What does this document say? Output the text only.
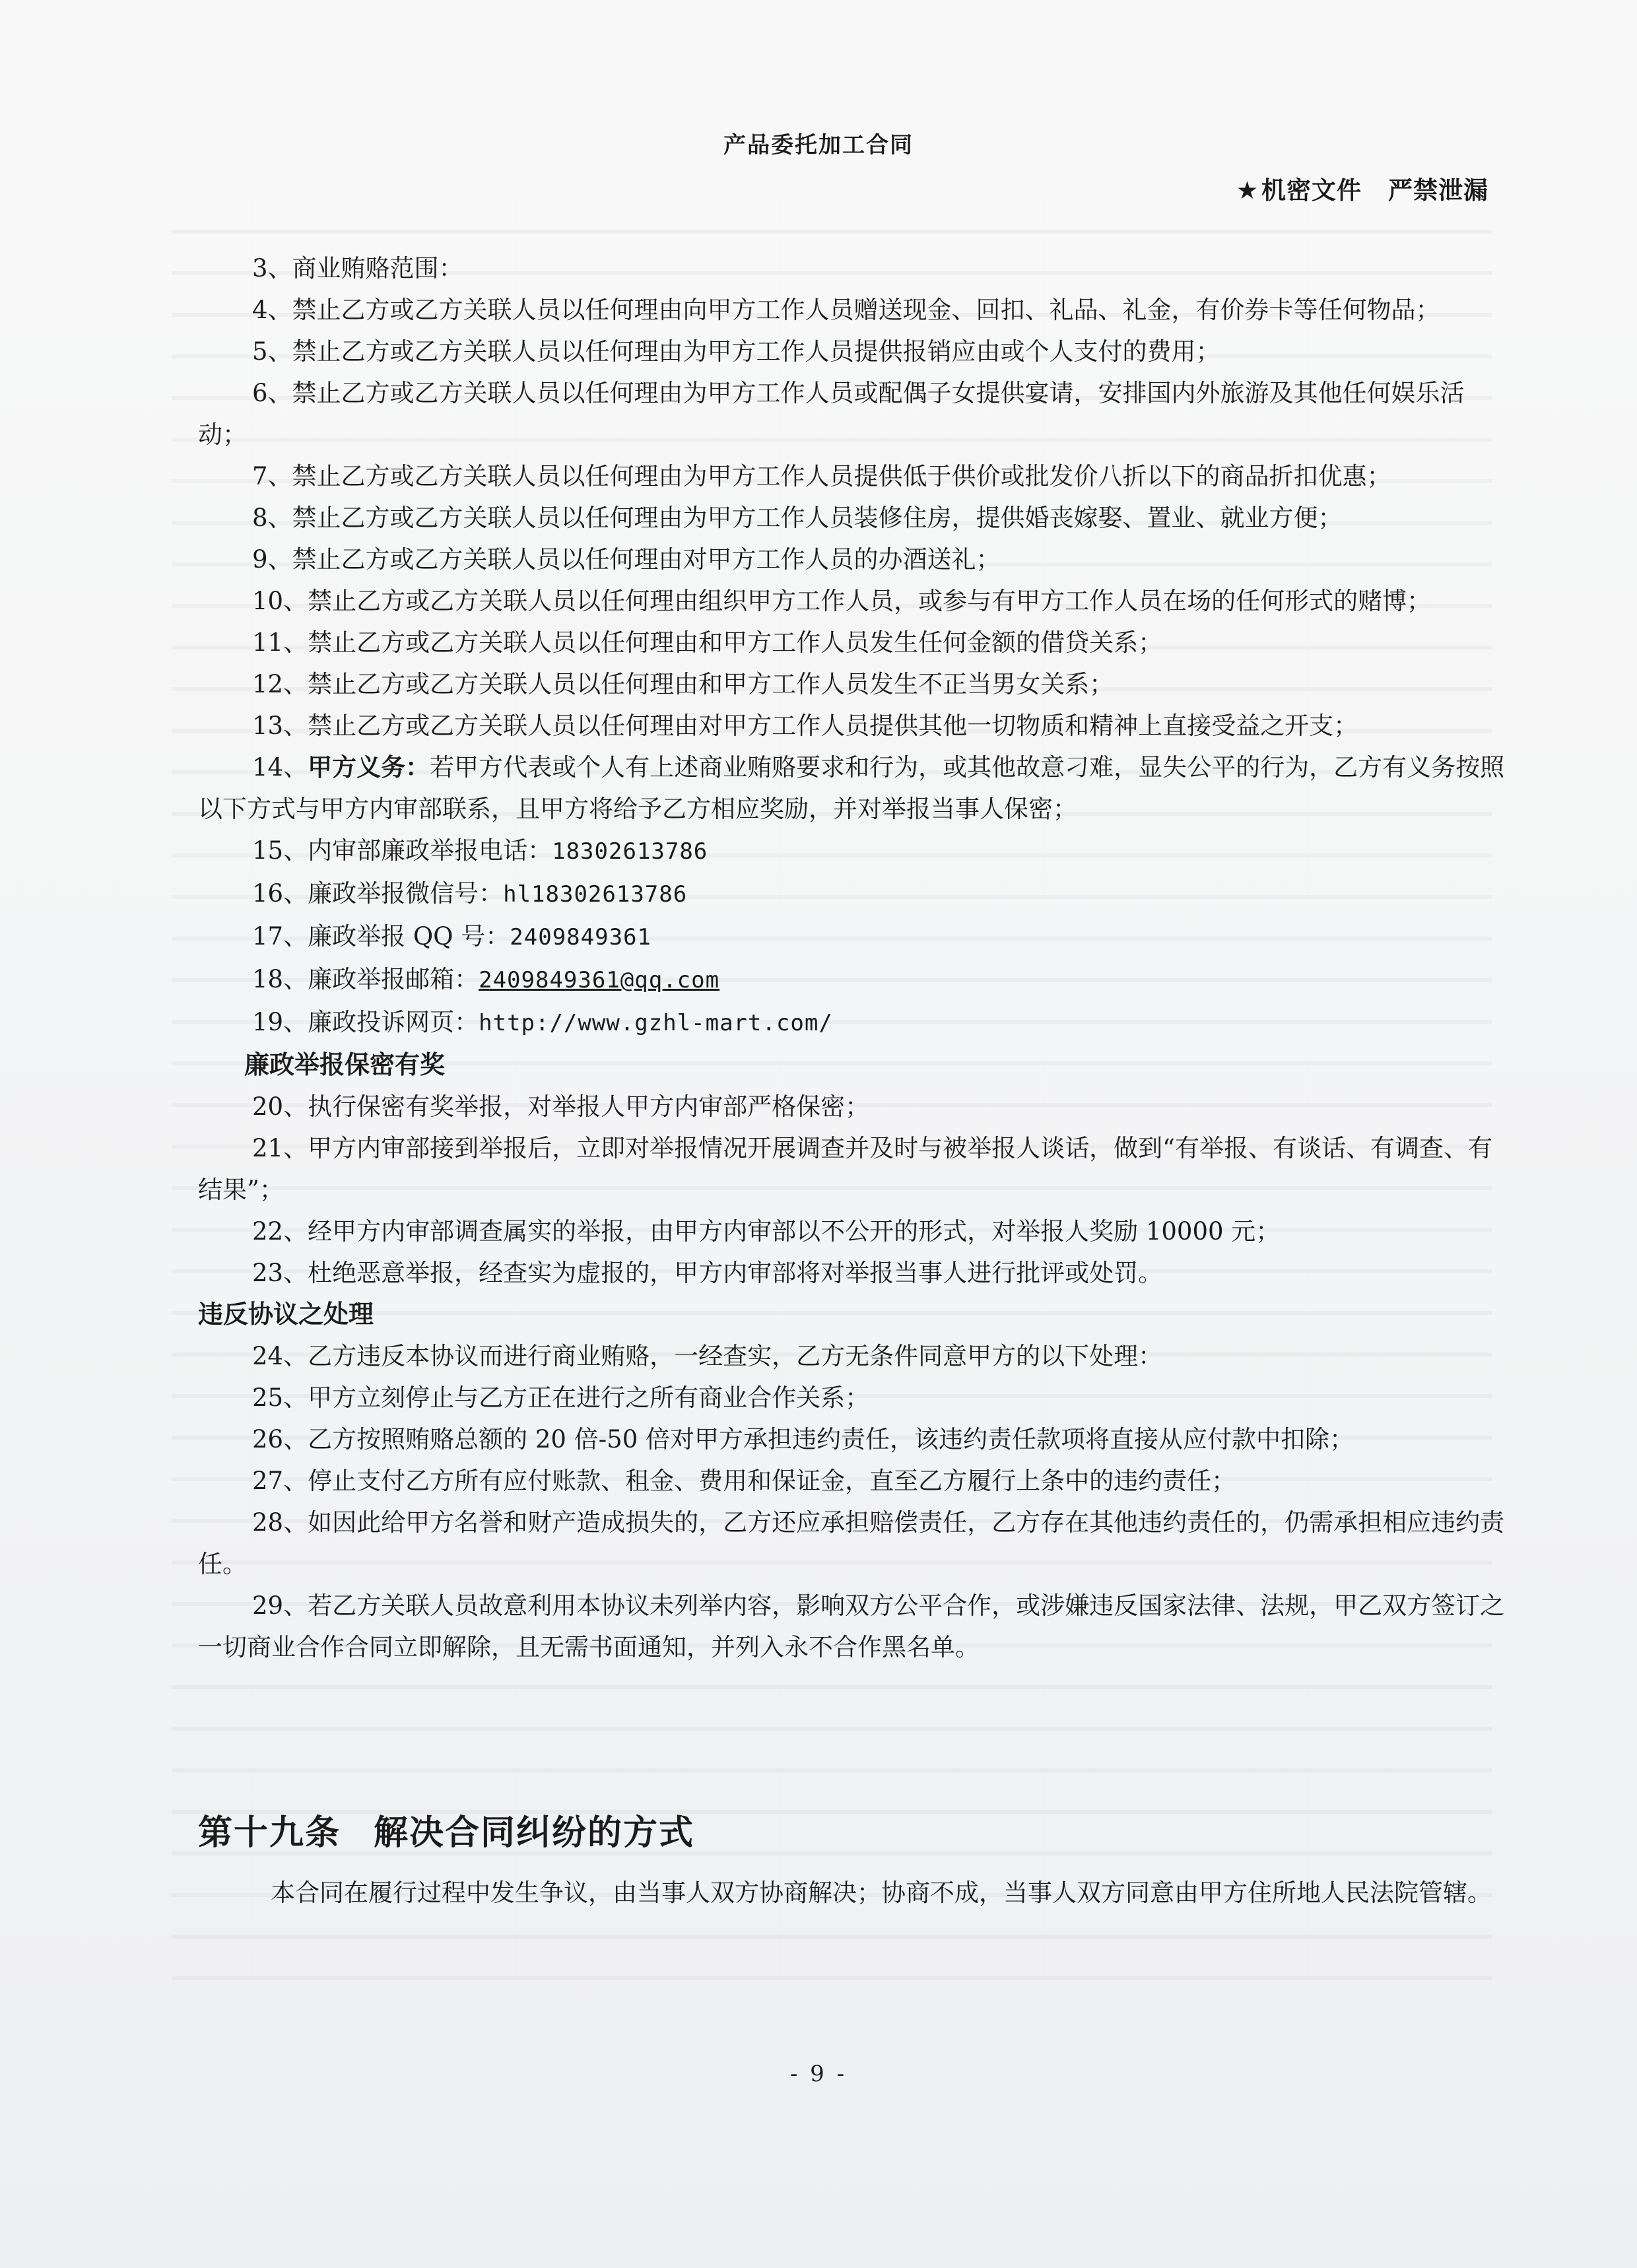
产品委托加工合同
★ 机密文件 严禁泄漏

3、商业贿赂范围：

4、禁止乙方或乙方关联人员以任何理由向甲方工作人员赠送现金、回扣、礼品、礼金，有价券卡等任何物品；

5、禁止乙方或乙方关联人员以任何理由为甲方工作人员提供报销应由或个人支付的费用；

6、禁止乙方或乙方关联人员以任何理由为甲方工作人员或配偶子女提供宴请，安排国内外旅游及其他任何娱乐活动；

7、禁止乙方或乙方关联人员以任何理由为甲方工作人员提供低于供价或批发价八折以下的商品折扣优惠；

8、禁止乙方或乙方关联人员以任何理由为甲方工作人员装修住房，提供婚丧嫁娶、置业、就业方便；

9、禁止乙方或乙方关联人员以任何理由对甲方工作人员的办酒送礼；

10、禁止乙方或乙方关联人员以任何理由组织甲方工作人员，或参与有甲方工作人员在场的任何形式的赌博；

11、禁止乙方或乙方关联人员以任何理由和甲方工作人员发生任何金额的借贷关系；

12、禁止乙方或乙方关联人员以任何理由和甲方工作人员发生不正当男女关系；

13、禁止乙方或乙方关联人员以任何理由对甲方工作人员提供其他一切物质和精神上直接受益之开支；

14、甲方义务：若甲方代表或个人有上述商业贿赂要求和行为，或其他故意刁难，显失公平的行为，乙方有义务按照以下方式与甲方内审部联系，且甲方将给予乙方相应奖励，并对举报当事人保密；

15、内审部廉政举报电话：18302613786

16、廉政举报微信号：hl18302613786

17、廉政举报 QQ 号：2409849361

18、廉政举报邮箱：2409849361@qq.com

19、廉政投诉网页：http://www.gzhl-mart.com/

廉政举报保密有奖

20、执行保密有奖举报，对举报人甲方内审部严格保密；

21、甲方内审部接到举报后，立即对举报情况开展调查并及时与被举报人谈话，做到“有举报、有谈话、有调查、有结果”；

22、经甲方内审部调查属实的举报，由甲方内审部以不公开的形式，对举报人奖励 10000 元；

23、杜绝恶意举报，经查实为虚报的，甲方内审部将对举报当事人进行批评或处罚。

违反协议之处理

24、乙方违反本协议而进行商业贿赂，一经查实，乙方无条件同意甲方的以下处理：

25、甲方立刻停止与乙方正在进行之所有商业合作关系；

26、乙方按照贿赂总额的 20 倍-50 倍对甲方承担违约责任，该违约责任款项将直接从应付款中扣除；

27、停止支付乙方所有应付账款、租金、费用和保证金，直至乙方履行上条中的违约责任；

28、如因此给甲方名誉和财产造成损失的，乙方还应承担赔偿责任，乙方存在其他违约责任的，仍需承担相应违约责任。

29、若乙方关联人员故意利用本协议未列举内容，影响双方公平合作，或涉嫌违反国家法律、法规，甲乙双方签订之一切商业合作合同立即解除，且无需书面通知，并列入永不合作黑名单。

第十九条 解决合同纠纷的方式

本合同在履行过程中发生争议，由当事人双方协商解决；协商不成，当事人双方同意由甲方住所地人民法院管辖。

- 9 -
